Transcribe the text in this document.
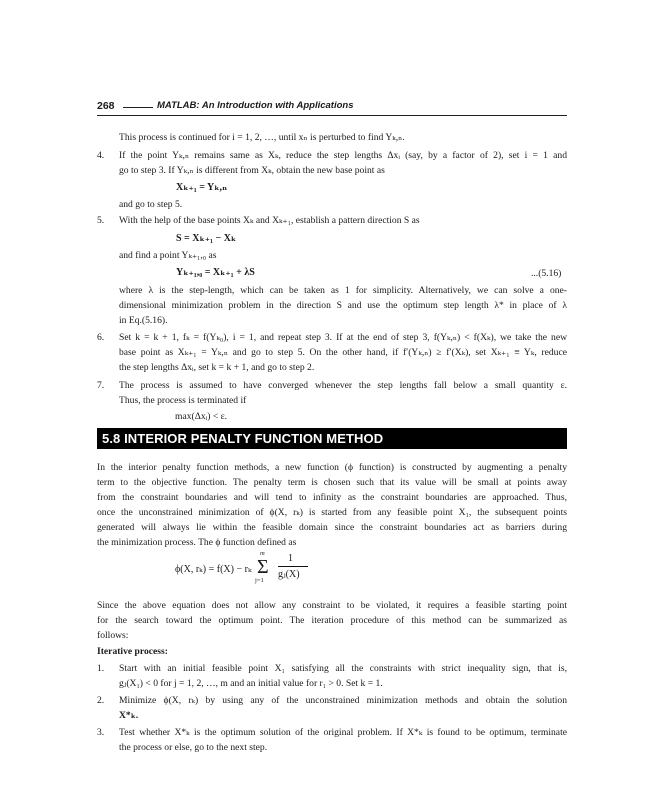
268	MATLAB: An Introduction with Applications
This process is continued for i = 1, 2, …, until xₙ is perturbed to find Yₖ,ₙ.
4. If the point Yₖ,ₙ remains same as Xₖ, reduce the step lengths Δxᵢ (say, by a factor of 2), set i = 1 and
go to step 3. If Yₖ,ₙ is different from Xₖ, obtain the new base point as
Xₖ₊₁ = Yₖ,ₙ
and go to step 5.
5. With the help of the base points Xₖ and Xₖ₊₁, establish a pattern direction S as
S = Xₖ₊₁ − Xₖ
and find a point Yₖ₊₁,₀ as
Yₖ₊₁,₀ = Xₖ₊₁ + λS	...(5.16)
where λ is the step-length, which can be taken as 1 for simplicity. Alternatively, we can solve a one-
dimensional minimization problem in the direction S and use the optimum step length λ* in place of λ
in Eq.(5.16).
6. Set k = k + 1, fₖ = f(Yₖ₀), i = 1, and repeat step 3. If at the end of step 3, f(Yₖ,ₙ) < f(Xₖ), we take the new
base point as Xₖ₊₁ = Yₖ,ₙ and go to step 5. On the other hand, if f′(Yₖ,ₙ) ≥ f′(Xₖ), set Xₖ₊₁ ≡ Yₖ, reduce
the step lengths Δxᵢ, set k = k + 1, and go to step 2.
7. The process is assumed to have converged whenever the step lengths fall below a small quantity ε.
Thus, the process is terminated if
max(Δxᵢ) < ε.
5.8 INTERIOR PENALTY FUNCTION METHOD
In the interior penalty function methods, a new function (ϕ function) is constructed by augmenting a penalty
term to the objective function. The penalty term is chosen such that its value will be small at points away
from the constraint boundaries and will tend to infinity as the constraint boundaries are approached. Thus,
once the unconstrained minimization of ϕ(X, rₖ) is started from any feasible point X₁, the subsequent points
generated will always lie within the feasible domain since the constraint boundaries act as barriers during
the minimization process. The ϕ function defined as
ϕ(X, rₖ) = f(X) − rₖ
m
Σ
j=1
1
gⱼ(X)
Since the above equation does not allow any constraint to be violated, it requires a feasible starting point
for the search toward the optimum point. The iteration procedure of this method can be summarized as
follows:
Iterative process:
1. Start with an initial feasible point X₁ satisfying all the constraints with strict inequality sign, that is,
gⱼ(X₁) < 0 for j = 1, 2, …, m and an initial value for r₁ > 0. Set k = 1.
2. Minimize ϕ(X, rₖ) by using any of the unconstrained minimization methods and obtain the solution
X*ₖ.
3. Test whether X*ₖ is the optimum solution of the original problem. If X*ₖ is found to be optimum, terminate
the process or else, go to the next step.
